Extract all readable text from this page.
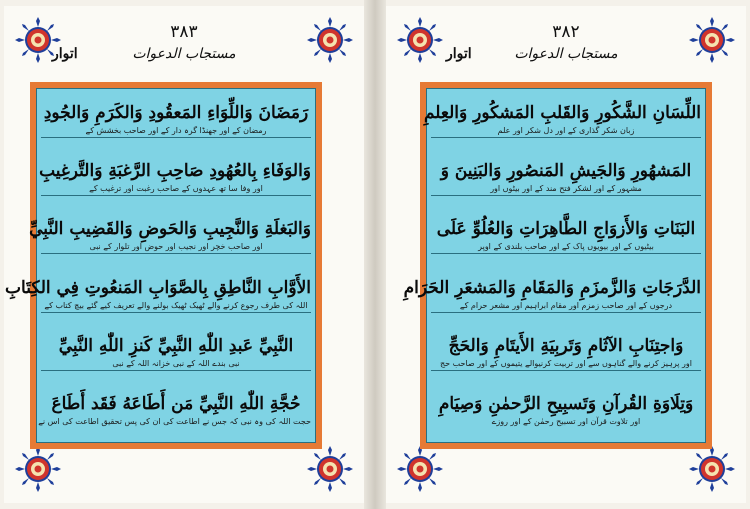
۳۸۳
مستجاب الدعوات
اتوار
رَمَضَانَ وَاللِّوَاءِ المَعقُودِ وَالكَرَمِ وَالجُودِ
رمضان کے اور جھنڈا گرہ دار کے اور صاحب بخشش کے
وَالوَفَاءِ بِالعُهُودِ صَاحِبِ الرَّغبَةِ وَالتَّرغِيبِ
اور وفا سا تھ عہدوں کے صاحب رغبت اور ترغیب کے
وَالبَغلَةِ وَالنَّجِيبِ وَالحَوضِ وَالقَضِيبِ النَّبِيِّ
اور صاحب خچر اور نجیب اور حوض اور تلوار کے نبی
الأَوَّابِ النَّاطِقِ بِالصَّوَابِ المَنعُوتِ فِي الكِتَابِ
اللہ کی طرف رجوع کرنے والے ٹھیک ٹھیک بولنے والے تعریف کیے گئے بیچ کتاب کے
النَّبِيِّ عَبدِ اللّٰهِ النَّبِيِّ كَنزِ اللّٰهِ النَّبِيِّ
نبی بندے اللہ کے نبی خزانہ اللہ کے نبی
حُجَّةِ اللّٰهِ النَّبِيِّ مَن أَطَاعَهُ فَقَد أَطَاعَ
حجت اللہ کی وہ نبی کہ جس نے اطاعت کی ان کی پس تحقیق اطاعت کی اس نے
۳۸۲
مستجاب الدعوات
اتوار
اللِّسَانِ الشَّكُورِ وَالقَلبِ المَشكُورِ وَالعِلمِ
زبان شکر گذاری کے اور دل شکر اور علم
المَشهُورِ وَالجَيشِ المَنصُورِ وَالبَنِينَ وَ
مشہور کے اور لشکر فتح مند کے اور بیٹوں اور
البَنَاتِ وَالأَزوَاجِ الطَّاهِرَاتِ وَالعُلُوِّ عَلَى
بیٹیوں کے اور بیویوں پاک کے اور صاحب بلندی کے اوپر
الدَّرَجَاتِ وَالزَّمزَمِ وَالمَقَامِ وَالمَشعَرِ الحَرَامِ
درجوں کے اور صاحب زمزم اور مقام ابراہیم اور مشعر حرام کے
وَاجتِنَابِ الآثَامِ وَتَربِيَةِ الأَيتَامِ وَالحَجِّ
اور پرہیز کرنے والے گناہوں سے اور تربیت کرنیوالے یتیموں کے اور صاحب حج
وَتِلَاوَةِ القُرآنِ وَتَسبِيحِ الرَّحمٰنِ وَصِيَامِ
اور تلاوت قرآن اور تسبیح رحمٰن کے اور روزے
